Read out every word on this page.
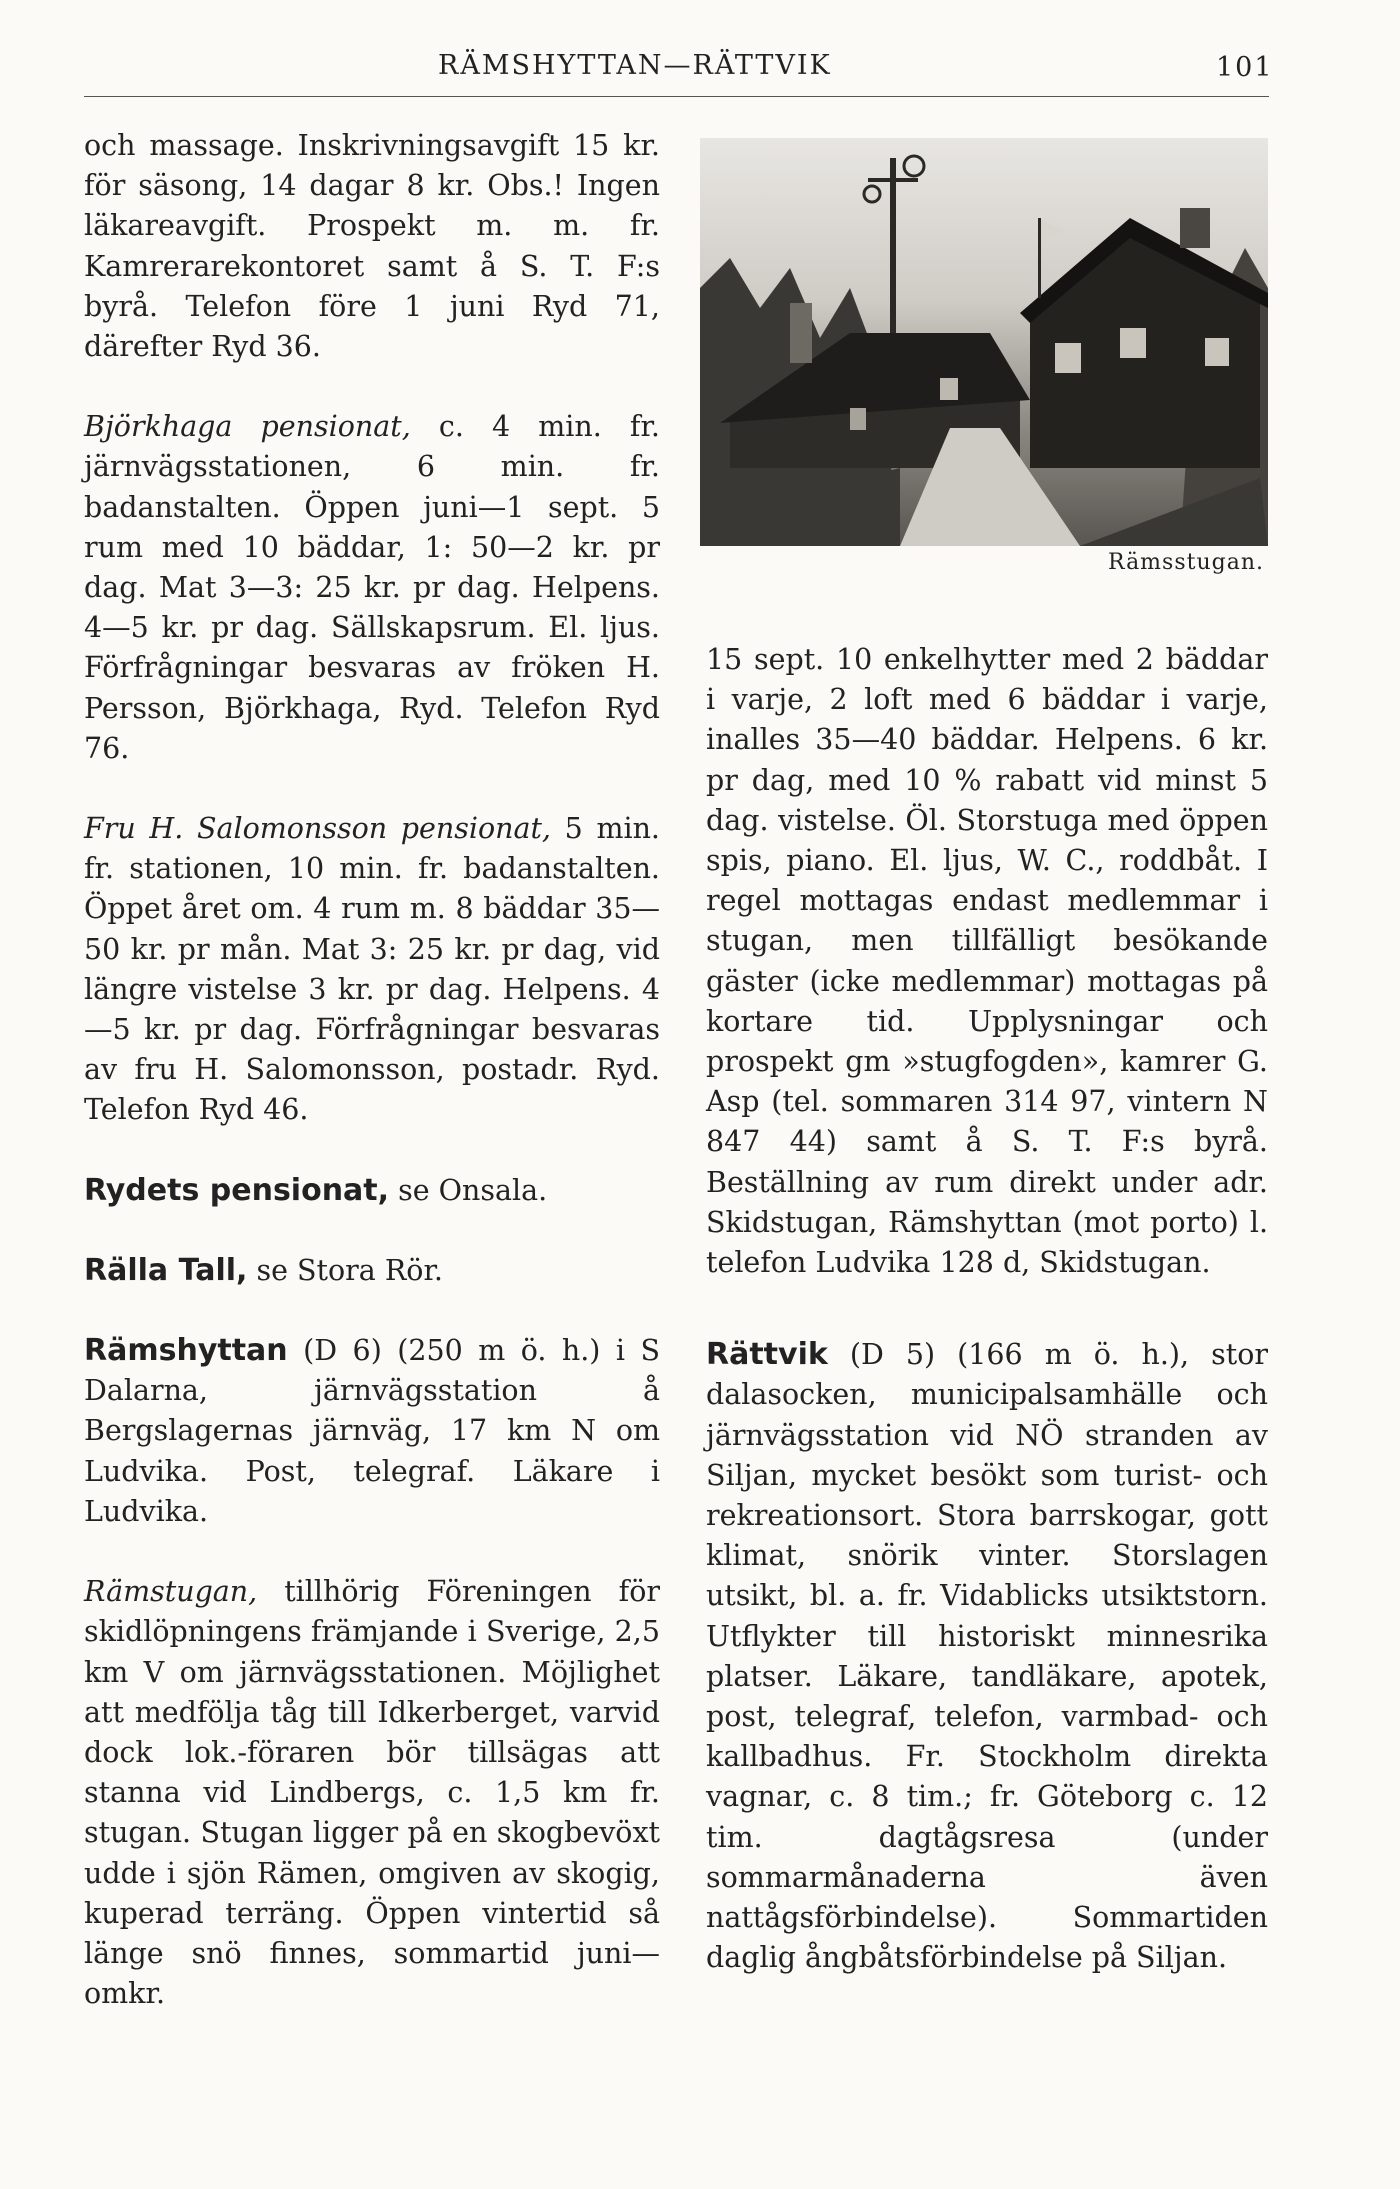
RÄMSHYTTAN—RÄTTVIK	101

och massage. Inskrivningsavgift 15 kr. för säsong, 14 dagar 8 kr. Obs.! Ingen läkareavgift. Prospekt m. m. fr. Kamrerarekontoret samt å S. T. F:s byrå. Telefon före 1 juni Ryd 71, därefter Ryd 36.

Björkhaga pensionat, c. 4 min. fr. järnvägsstationen, 6 min. fr. badanstalten. Öppen juni—1 sept. 5 rum med 10 bäddar, 1: 50—2 kr. pr dag. Mat 3—3: 25 kr. pr dag. Helpens. 4—5 kr. pr dag. Sällskapsrum. El. ljus. Förfrågningar besvaras av fröken H. Persson, Björkhaga, Ryd. Telefon Ryd 76.

Fru H. Salomonsson pensionat, 5 min. fr. stationen, 10 min. fr. badanstalten. Öppet året om. 4 rum m. 8 bäddar 35—50 kr. pr mån. Mat 3: 25 kr. pr dag, vid längre vistelse 3 kr. pr dag. Helpens. 4—5 kr. pr dag. Förfrågningar besvaras av fru H. Salomonsson, postadr. Ryd. Telefon Ryd 46.

Rydets pensionat, se Onsala.

Rälla Tall, se Stora Rör.

Rämshyttan (D 6) (250 m ö. h.) i S Dalarna, järnvägsstation å Bergslagernas järnväg, 17 km N om Ludvika. Post, telegraf. Läkare i Ludvika.

Rämstugan, tillhörig Föreningen för skidlöpningens främjande i Sverige, 2,5 km V om järnvägsstationen. Möjlighet att medfölja tåg till Idkerberget, varvid dock lok.-föraren bör tillsägas att stanna vid Lindbergs, c. 1,5 km fr. stugan. Stugan ligger på en skogbevöxt udde i sjön Rämen, omgiven av skogig, kuperad terräng. Öppen vintertid så länge snö finnes, sommartid juni—omkr.

Rämsstugan.

15 sept. 10 enkelhytter med 2 bäddar i varje, 2 loft med 6 bäddar i varje, inalles 35—40 bäddar. Helpens. 6 kr. pr dag, med 10 % rabatt vid minst 5 dag. vistelse. Öl. Storstuga med öppen spis, piano. El. ljus, W. C., roddbåt. I regel mottagas endast medlemmar i stugan, men tillfälligt besökande gäster (icke medlemmar) mottagas på kortare tid. Upplysningar och prospekt gm »stugfogden», kamrer G. Asp (tel. sommaren 314 97, vintern N 847 44) samt å S. T. F:s byrå. Beställning av rum direkt under adr. Skidstugan, Rämshyttan (mot porto) l. telefon Ludvika 128 d, Skidstugan.

Rättvik (D 5) (166 m ö. h.), stor dalasocken, municipalsamhälle och järnvägsstation vid NÖ stranden av Siljan, mycket besökt som turist- och rekreationsort. Stora barrskogar, gott klimat, snörik vinter. Storslagen utsikt, bl. a. fr. Vidablicks utsiktstorn. Utflykter till historiskt minnesrika platser. Läkare, tandläkare, apotek, post, telegraf, telefon, varmbad- och kallbadhus. Fr. Stockholm direkta vagnar, c. 8 tim.; fr. Göteborg c. 12 tim. dagtågsresa (under sommarmånaderna även nattågsförbindelse). Sommartiden daglig ångbåtsförbindelse på Siljan.
